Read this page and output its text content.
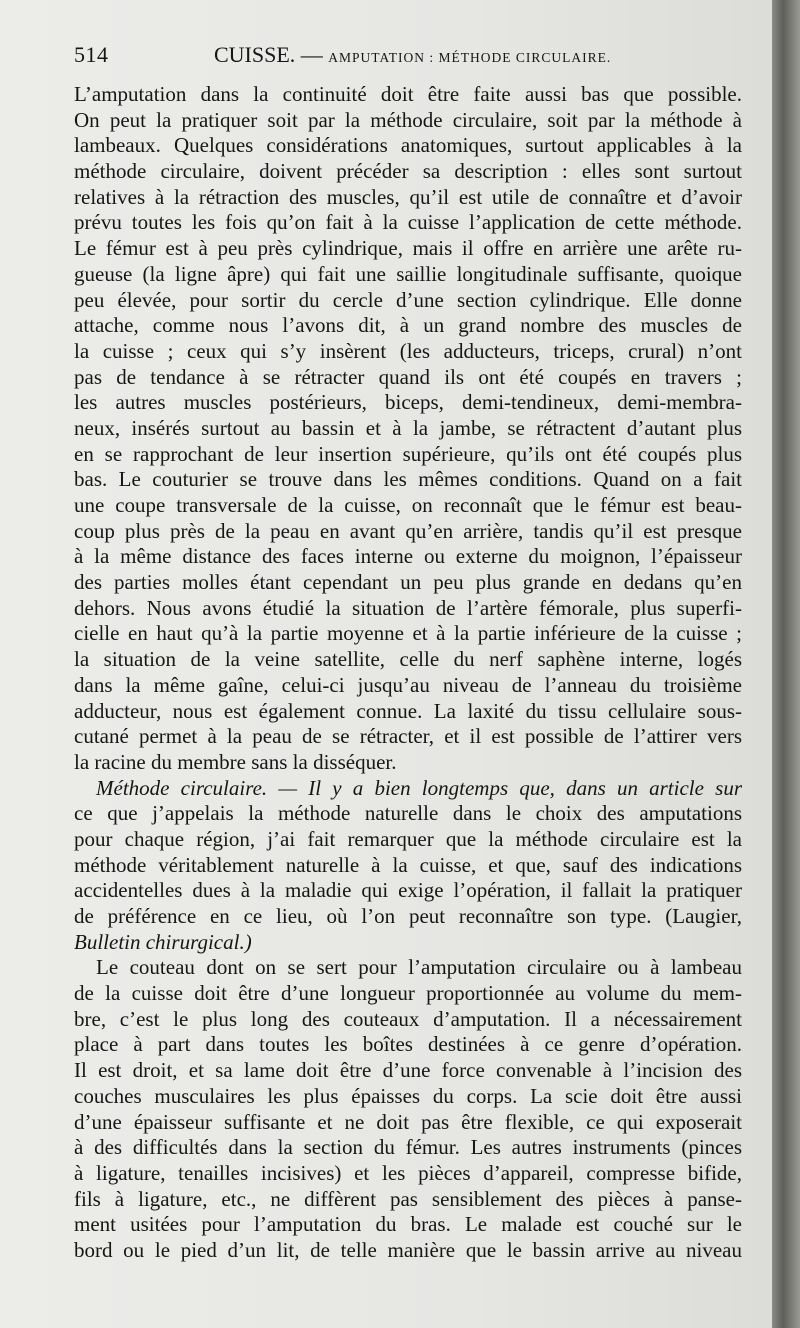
514	CUISSE. — AMPUTATION : MÉTHODE CIRCULAIRE.
L’amputation dans la continuité doit être faite aussi bas que possible.
On peut la pratiquer soit par la méthode circulaire, soit par la méthode à
lambeaux. Quelques considérations anatomiques, surtout applicables à la
méthode circulaire, doivent précéder sa description : elles sont surtout
relatives à la rétraction des muscles, qu’il est utile de connaître et d’avoir
prévu toutes les fois qu’on fait à la cuisse l’application de cette méthode.
Le fémur est à peu près cylindrique, mais il offre en arrière une arête ru-
gueuse (la ligne âpre) qui fait une saillie longitudinale suffisante, quoique
peu élevée, pour sortir du cercle d’une section cylindrique. Elle donne
attache, comme nous l’avons dit, à un grand nombre des muscles de
la cuisse ; ceux qui s’y insèrent (les adducteurs, triceps, crural) n’ont
pas de tendance à se rétracter quand ils ont été coupés en travers ;
les autres muscles postérieurs, biceps, demi-tendineux, demi-membra-
neux, insérés surtout au bassin et à la jambe, se rétractent d’autant plus
en se rapprochant de leur insertion supérieure, qu’ils ont été coupés plus
bas. Le couturier se trouve dans les mêmes conditions. Quand on a fait
une coupe transversale de la cuisse, on reconnaît que le fémur est beau-
coup plus près de la peau en avant qu’en arrière, tandis qu’il est presque
à la même distance des faces interne ou externe du moignon, l’épaisseur
des parties molles étant cependant un peu plus grande en dedans qu’en
dehors. Nous avons étudié la situation de l’artère fémorale, plus superfi-
cielle en haut qu’à la partie moyenne et à la partie inférieure de la cuisse ;
la situation de la veine satellite, celle du nerf saphène interne, logés
dans la même gaîne, celui-ci jusqu’au niveau de l’anneau du troisième
adducteur, nous est également connue. La laxité du tissu cellulaire sous-
cutané permet à la peau de se rétracter, et il est possible de l’attirer vers
la racine du membre sans la disséquer.
Méthode circulaire. — Il y a bien longtemps que, dans un article sur
ce que j’appelais la méthode naturelle dans le choix des amputations
pour chaque région, j’ai fait remarquer que la méthode circulaire est la
méthode véritablement naturelle à la cuisse, et que, sauf des indications
accidentelles dues à la maladie qui exige l’opération, il fallait la pratiquer
de préférence en ce lieu, où l’on peut reconnaître son type. (Laugier,
Bulletin chirurgical.)
Le couteau dont on se sert pour l’amputation circulaire ou à lambeau
de la cuisse doit être d’une longueur proportionnée au volume du mem-
bre, c’est le plus long des couteaux d’amputation. Il a nécessairement
place à part dans toutes les boîtes destinées à ce genre d’opération.
Il est droit, et sa lame doit être d’une force convenable à l’incision des
couches musculaires les plus épaisses du corps. La scie doit être aussi
d’une épaisseur suffisante et ne doit pas être flexible, ce qui exposerait
à des difficultés dans la section du fémur. Les autres instruments (pinces
à ligature, tenailles incisives) et les pièces d’appareil, compresse bifide,
fils à ligature, etc., ne diffèrent pas sensiblement des pièces à panse-
ment usitées pour l’amputation du bras. Le malade est couché sur le
bord ou le pied d’un lit, de telle manière que le bassin arrive au niveau
